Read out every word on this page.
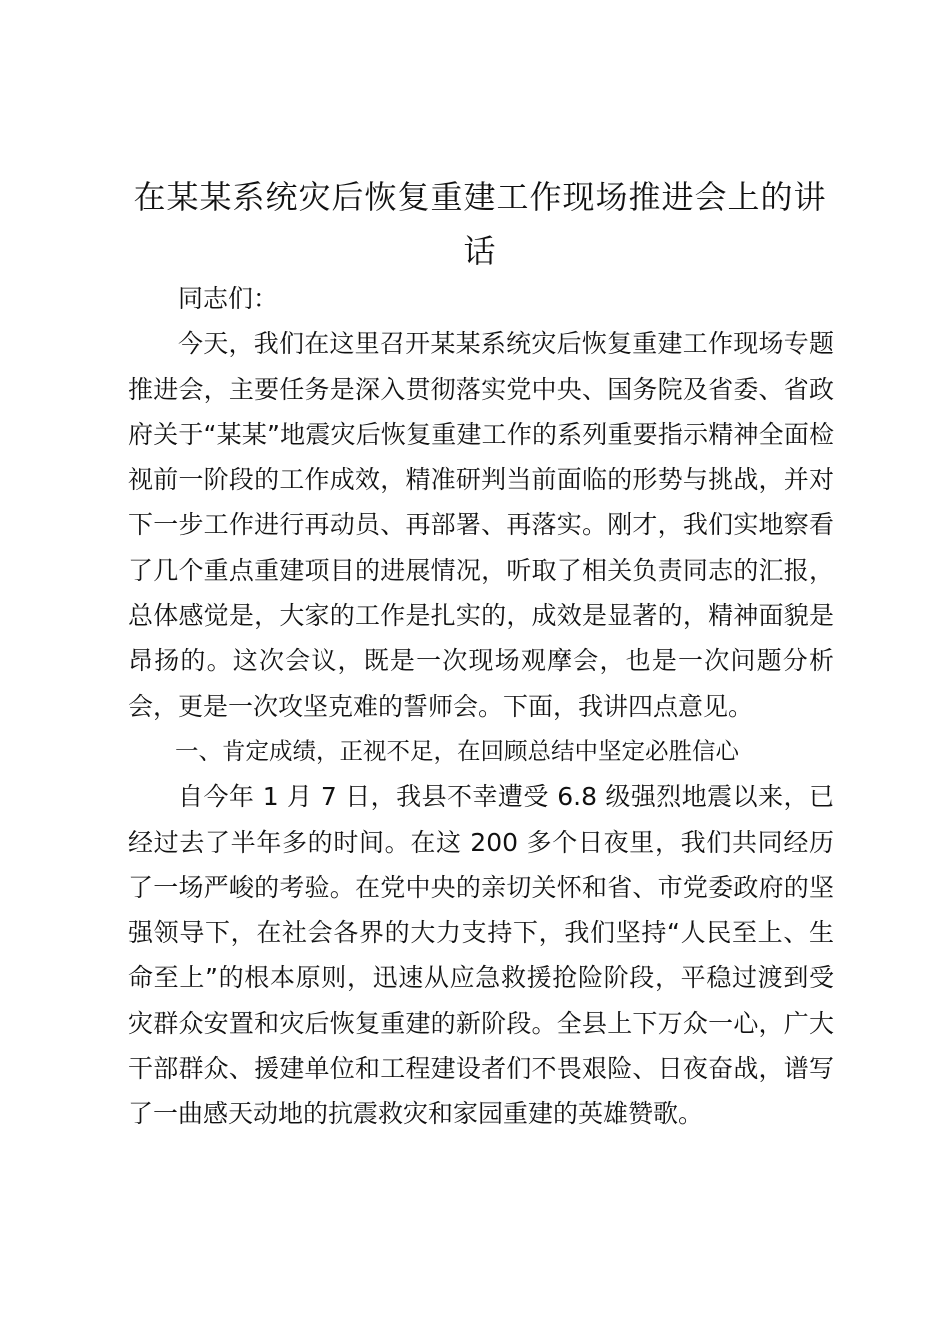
在某某系统灾后恢复重建工作现场推进会上的讲话

同志们：

今天，我们在这里召开某某系统灾后恢复重建工作现场专题推进会，主要任务是深入贯彻落实党中央、国务院及省委、省政府关于“某某”地震灾后恢复重建工作的系列重要指示精神全面检视前一阶段的工作成效，精准研判当前面临的形势与挑战，并对下一步工作进行再动员、再部署、再落实。刚才，我们实地察看了几个重点重建项目的进展情况，听取了相关负责同志的汇报，总体感觉是，大家的工作是扎实的，成效是显著的，精神面貌是昂扬的。这次会议，既是一次现场观摩会，也是一次问题分析会，更是一次攻坚克难的誓师会。下面，我讲四点意见。

一、肯定成绩，正视不足，在回顾总结中坚定必胜信心

自今年 1 月 7 日，我县不幸遭受 6.8 级强烈地震以来，已经过去了半年多的时间。在这 200 多个日夜里，我们共同经历了一场严峻的考验。在党中央的亲切关怀和省、市党委政府的坚强领导下，在社会各界的大力支持下，我们坚持“人民至上、生命至上”的根本原则，迅速从应急救援抢险阶段，平稳过渡到受灾群众安置和灾后恢复重建的新阶段。全县上下万众一心，广大干部群众、援建单位和工程建设者们不畏艰险、日夜奋战，谱写了一曲感天动地的抗震救灾和家园重建的英雄赞歌。
